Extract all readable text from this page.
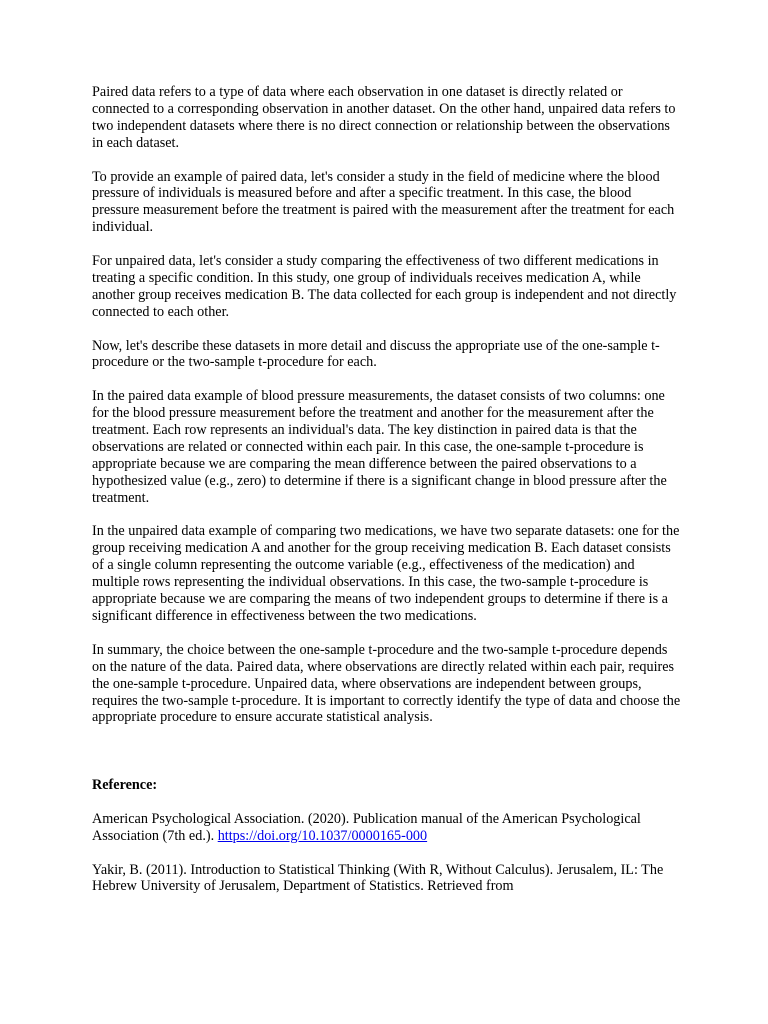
Paired data refers to a type of data where each observation in one dataset is directly related or connected to a corresponding observation in another dataset. On the other hand, unpaired data refers to two independent datasets where there is no direct connection or relationship between the observations in each dataset.

To provide an example of paired data, let's consider a study in the field of medicine where the blood pressure of individuals is measured before and after a specific treatment. In this case, the blood pressure measurement before the treatment is paired with the measurement after the treatment for each individual.

For unpaired data, let's consider a study comparing the effectiveness of two different medications in treating a specific condition. In this study, one group of individuals receives medication A, while another group receives medication B. The data collected for each group is independent and not directly connected to each other.

Now, let's describe these datasets in more detail and discuss the appropriate use of the one-sample t-procedure or the two-sample t-procedure for each.

In the paired data example of blood pressure measurements, the dataset consists of two columns: one for the blood pressure measurement before the treatment and another for the measurement after the treatment. Each row represents an individual's data. The key distinction in paired data is that the observations are related or connected within each pair. In this case, the one-sample t-procedure is appropriate because we are comparing the mean difference between the paired observations to a hypothesized value (e.g., zero) to determine if there is a significant change in blood pressure after the treatment.

In the unpaired data example of comparing two medications, we have two separate datasets: one for the group receiving medication A and another for the group receiving medication B. Each dataset consists of a single column representing the outcome variable (e.g., effectiveness of the medication) and multiple rows representing the individual observations. In this case, the two-sample t-procedure is appropriate because we are comparing the means of two independent groups to determine if there is a significant difference in effectiveness between the two medications.

In summary, the choice between the one-sample t-procedure and the two-sample t-procedure depends on the nature of the data. Paired data, where observations are directly related within each pair, requires the one-sample t-procedure. Unpaired data, where observations are independent between groups, requires the two-sample t-procedure. It is important to correctly identify the type of data and choose the appropriate procedure to ensure accurate statistical analysis.

Reference:

American Psychological Association. (2020). Publication manual of the American Psychological Association (7th ed.). https://doi.org/10.1037/0000165-000

Yakir, B. (2011). Introduction to Statistical Thinking (With R, Without Calculus). Jerusalem, IL: The Hebrew University of Jerusalem, Department of Statistics. Retrieved from
